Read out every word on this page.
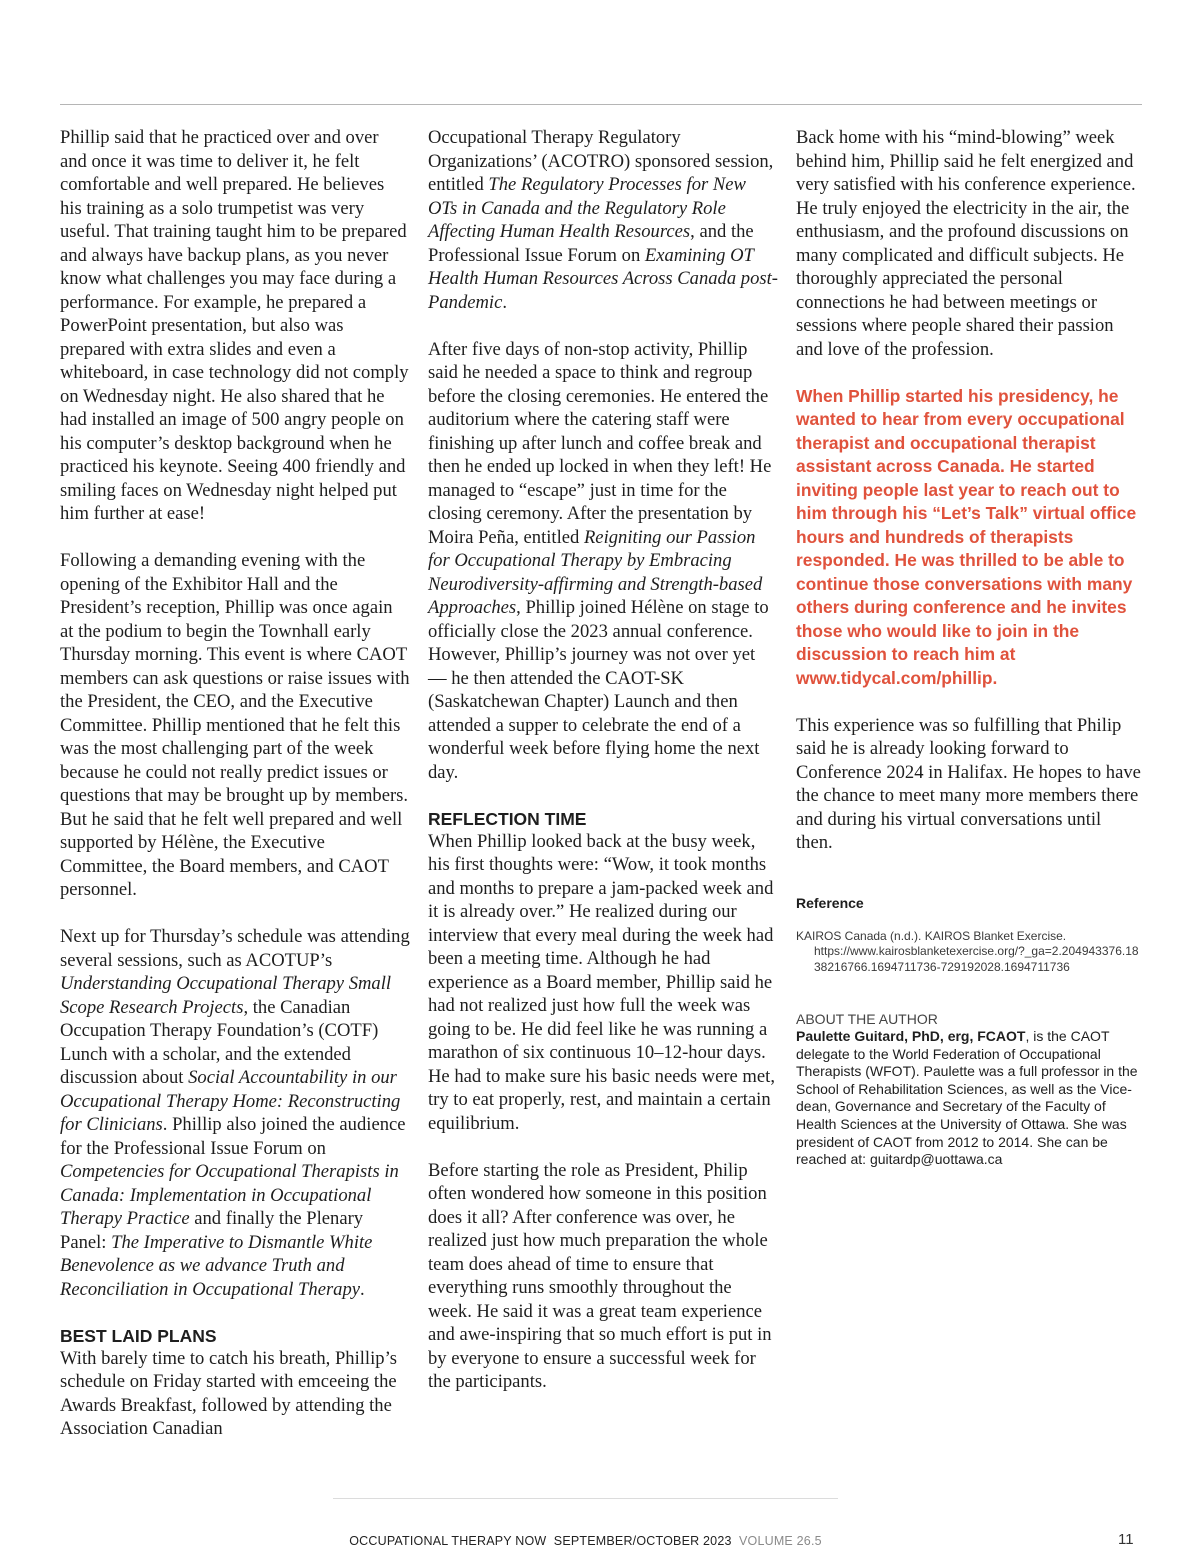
Phillip said that he practiced over and over and once it was time to deliver it, he felt comfortable and well prepared. He believes his training as a solo trumpetist was very useful. That training taught him to be prepared and always have backup plans, as you never know what challenges you may face during a performance. For example, he prepared a PowerPoint presentation, but also was prepared with extra slides and even a whiteboard, in case technology did not comply on Wednesday night. He also shared that he had installed an image of 500 angry people on his computer’s desktop background when he practiced his keynote. Seeing 400 friendly and smiling faces on Wednesday night helped put him further at ease!

Following a demanding evening with the opening of the Exhibitor Hall and the President’s reception, Phillip was once again at the podium to begin the Townhall early Thursday morning. This event is where CAOT members can ask questions or raise issues with the President, the CEO, and the Executive Committee. Phillip mentioned that he felt this was the most challenging part of the week because he could not really predict issues or questions that may be brought up by members. But he said that he felt well prepared and well supported by Hélène, the Executive Committee, the Board members, and CAOT personnel.

Next up for Thursday’s schedule was attending several sessions, such as ACOTUP’s Understanding Occupational Therapy Small Scope Research Projects, the Canadian Occupation Therapy Foundation’s (COTF) Lunch with a scholar, and the extended discussion about Social Accountability in our Occupational Therapy Home: Reconstructing for Clinicians. Phillip also joined the audience for the Professional Issue Forum on Competencies for Occupational Therapists in Canada: Implementation in Occupational Therapy Practice and finally the Plenary Panel: The Imperative to Dismantle White Benevolence as we advance Truth and Reconciliation in Occupational Therapy.

BEST LAID PLANS

With barely time to catch his breath, Phillip’s schedule on Friday started with emceeing the Awards Breakfast, followed by attending the Association Canadian

Occupational Therapy Regulatory Organizations’ (ACOTRO) sponsored session, entitled The Regulatory Processes for New OTs in Canada and the Regulatory Role Affecting Human Health Resources, and the Professional Issue Forum on Examining OT Health Human Resources Across Canada post-Pandemic.

After five days of non-stop activity, Phillip said he needed a space to think and regroup before the closing ceremonies. He entered the auditorium where the catering staff were finishing up after lunch and coffee break and then he ended up locked in when they left! He managed to “escape” just in time for the closing ceremony. After the presentation by Moira Peña, entitled Reigniting our Passion for Occupational Therapy by Embracing Neurodiversity-affirming and Strength-based Approaches, Phillip joined Hélène on stage to officially close the 2023 annual conference. However, Phillip’s journey was not over yet — he then attended the CAOT-SK (Saskatchewan Chapter) Launch and then attended a supper to celebrate the end of a wonderful week before flying home the next day.

REFLECTION TIME

When Phillip looked back at the busy week, his first thoughts were: “Wow, it took months and months to prepare a jam-packed week and it is already over.” He realized during our interview that every meal during the week had been a meeting time. Although he had experience as a Board member, Phillip said he had not realized just how full the week was going to be. He did feel like he was running a marathon of six continuous 10–12-hour days. He had to make sure his basic needs were met, try to eat properly, rest, and maintain a certain equilibrium.

Before starting the role as President, Philip often wondered how someone in this position does it all? After conference was over, he realized just how much preparation the whole team does ahead of time to ensure that everything runs smoothly throughout the week. He said it was a great team experience and awe-inspiring that so much effort is put in by everyone to ensure a successful week for the participants.

Back home with his “mind-blowing” week behind him, Phillip said he felt energized and very satisfied with his conference experience. He truly enjoyed the electricity in the air, the enthusiasm, and the profound discussions on many complicated and difficult subjects. He thoroughly appreciated the personal connections he had between meetings or sessions where people shared their passion and love of the profession.

When Phillip started his presidency, he wanted to hear from every occupational therapist and occupational therapist assistant across Canada. He started inviting people last year to reach out to him through his “Let’s Talk” virtual office hours and hundreds of therapists responded. He was thrilled to be able to continue those conversations with many others during conference and he invites those who would like to join in the discussion to reach him at www.tidycal.com/phillip.

This experience was so fulfilling that Philip said he is already looking forward to Conference 2024 in Halifax. He hopes to have the chance to meet many more members there and during his virtual conversations until then.

Reference

KAIROS Canada (n.d.). KAIROS Blanket Exercise.
https://www.kairosblanketexercise.org/?_ga=2.204943376.1838216766.1694711736-729192028.1694711736

ABOUT THE AUTHOR

Paulette Guitard, PhD, erg, FCAOT, is the CAOT delegate to the World Federation of Occupational Therapists (WFOT). Paulette was a full professor in the School of Rehabilitation Sciences, as well as the Vice-dean, Governance and Secretary of the Faculty of Health Sciences at the University of Ottawa. She was president of CAOT from 2012 to 2014. She can be reached at: guitardp@uottawa.ca

OCCUPATIONAL THERAPY NOW SEPTEMBER/OCTOBER 2023 VOLUME 26.5	11
